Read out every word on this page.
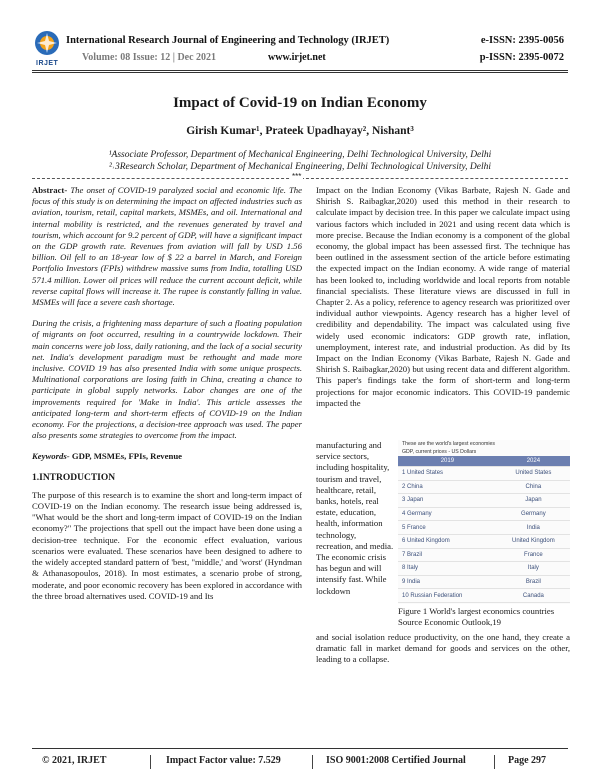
IRJET
International Research Journal of Engineering and Technology (IRJET)
Volume: 08 Issue: 12 | Dec 2021	www.irjet.net
e-ISSN: 2395-0056
p-ISSN: 2395-0072
Impact of Covid-19 on Indian Economy
Girish Kumar¹, Prateek Upadhayay², Nishant³
¹Associate Professor, Department of Mechanical Engineering, Delhi Technological University, Delhi
²˒3Research Scholar, Department of Mechanical Engineering, Delhi Technological University, Delhi
***

Abstract- The onset of COVID-19 paralyzed social and economic life. The focus of this study is on determining the impact on affected industries such as aviation, tourism, retail, capital markets, MSMEs, and oil. International and internal mobility is restricted, and the revenues generated by travel and tourism, which account for 9.2 percent of GDP, will have a significant impact on the GDP growth rate. Revenues from aviation will fall by USD 1.56 billion. Oil fell to an 18-year low of $ 22 a barrel in March, and Foreign Portfolio Investors (FPIs) withdrew massive sums from India, totalling USD 571.4 million. Lower oil prices will reduce the current account deficit, while reverse capital flows will increase it. The rupee is constantly falling in value. MSMEs will face a severe cash shortage.

During the crisis, a frightening mass departure of such a floating population of migrants on foot occurred, resulting in a countrywide lockdown. Their main concerns were job loss, daily rationing, and the lack of a social security net. India's development paradigm must be rethought and made more inclusive. COVID 19 has also presented India with some unique prospects. Multinational corporations are losing faith in China, creating a chance to participate in global supply networks. Labor changes are one of the improvements required for 'Make in India'. This article assesses the anticipated long-term and short-term effects of COVID-19 on the Indian economy. For the projections, a decision-tree approach was used. The paper also presents some strategies to overcome from the impact.

Keywords- GDP, MSMEs, FPIs, Revenue

1.INTRODUCTION

The purpose of this research is to examine the short and long-term impact of COVID-19 on the Indian economy. The research issue being addressed is, "What would be the short and long-term impact of COVID-19 on the Indian economy?" The projections that spell out the impact have been done using a decision-tree technique. For the economic effect evaluation, various scenarios were evaluated. These scenarios have been designed to adhere to the widely accepted standard pattern of 'best, "middle,' and 'worst' (Hyndman & Athanasopoulos, 2018). In most estimates, a scenario probe of strong, moderate, and poor economic recovery has been explored in accordance with the three broad alternatives used. COVID-19 and Its

Impact on the Indian Economy (Vikas Barbate, Rajesh N. Gade and Shirish S. Raibagkar,2020) used this method in their research to calculate impact by decision tree. In this paper we calculate impact using various factors which included in 2021 and using recent data which is more precise. Because the Indian economy is a component of the global economy, the global impact has been assessed first. The technique has been outlined in the assessment section of the article before estimating the expected impact on the Indian economy. A wide range of material has been looked to, including worldwide and local reports from notable financial specialists. These literature views are discussed in full in Chapter 2. As a policy, reference to agency research was prioritized over individual author viewpoints. Agency research has a higher level of credibility and dependability. The impact was calculated using five widely used economic indicators: GDP growth rate, inflation, unemployment, interest rate, and industrial production. As did by Its Impact on the Indian Economy (Vikas Barbate, Rajesh N. Gade and Shirish S. Raibagkar,2020) but using recent data and different algorithm. This paper's findings take the form of short-term and long-term projections for major economic indicators. This COVID-19 pandemic impacted the
manufacturing and service sectors, including hospitality, tourism and travel, healthcare, retail, banks, hotels, real estate, education, health, information technology, recreation, and media. The economic crisis has begun and will intensify fast. While lockdown
These are the world's largest economies
GDP, current prices - US Dollars
2019	2024
1 United States	United States
2 China	China
3 Japan	Japan
4 Germany	Germany
5 France	India
6 United Kingdom	United Kingdom
7 Brazil	France
8 Italy	Italy
9 India	Brazil
10 Russian Federation	Canada
Figure 1 World's largest economics countries Source Economic Outlook,19
and social isolation reduce productivity, on the one hand, they create a dramatic fall in market demand for goods and services on the other, leading to a collapse.
© 2021, IRJET	Impact Factor value: 7.529	ISO 9001:2008 Certified Journal	Page 297
